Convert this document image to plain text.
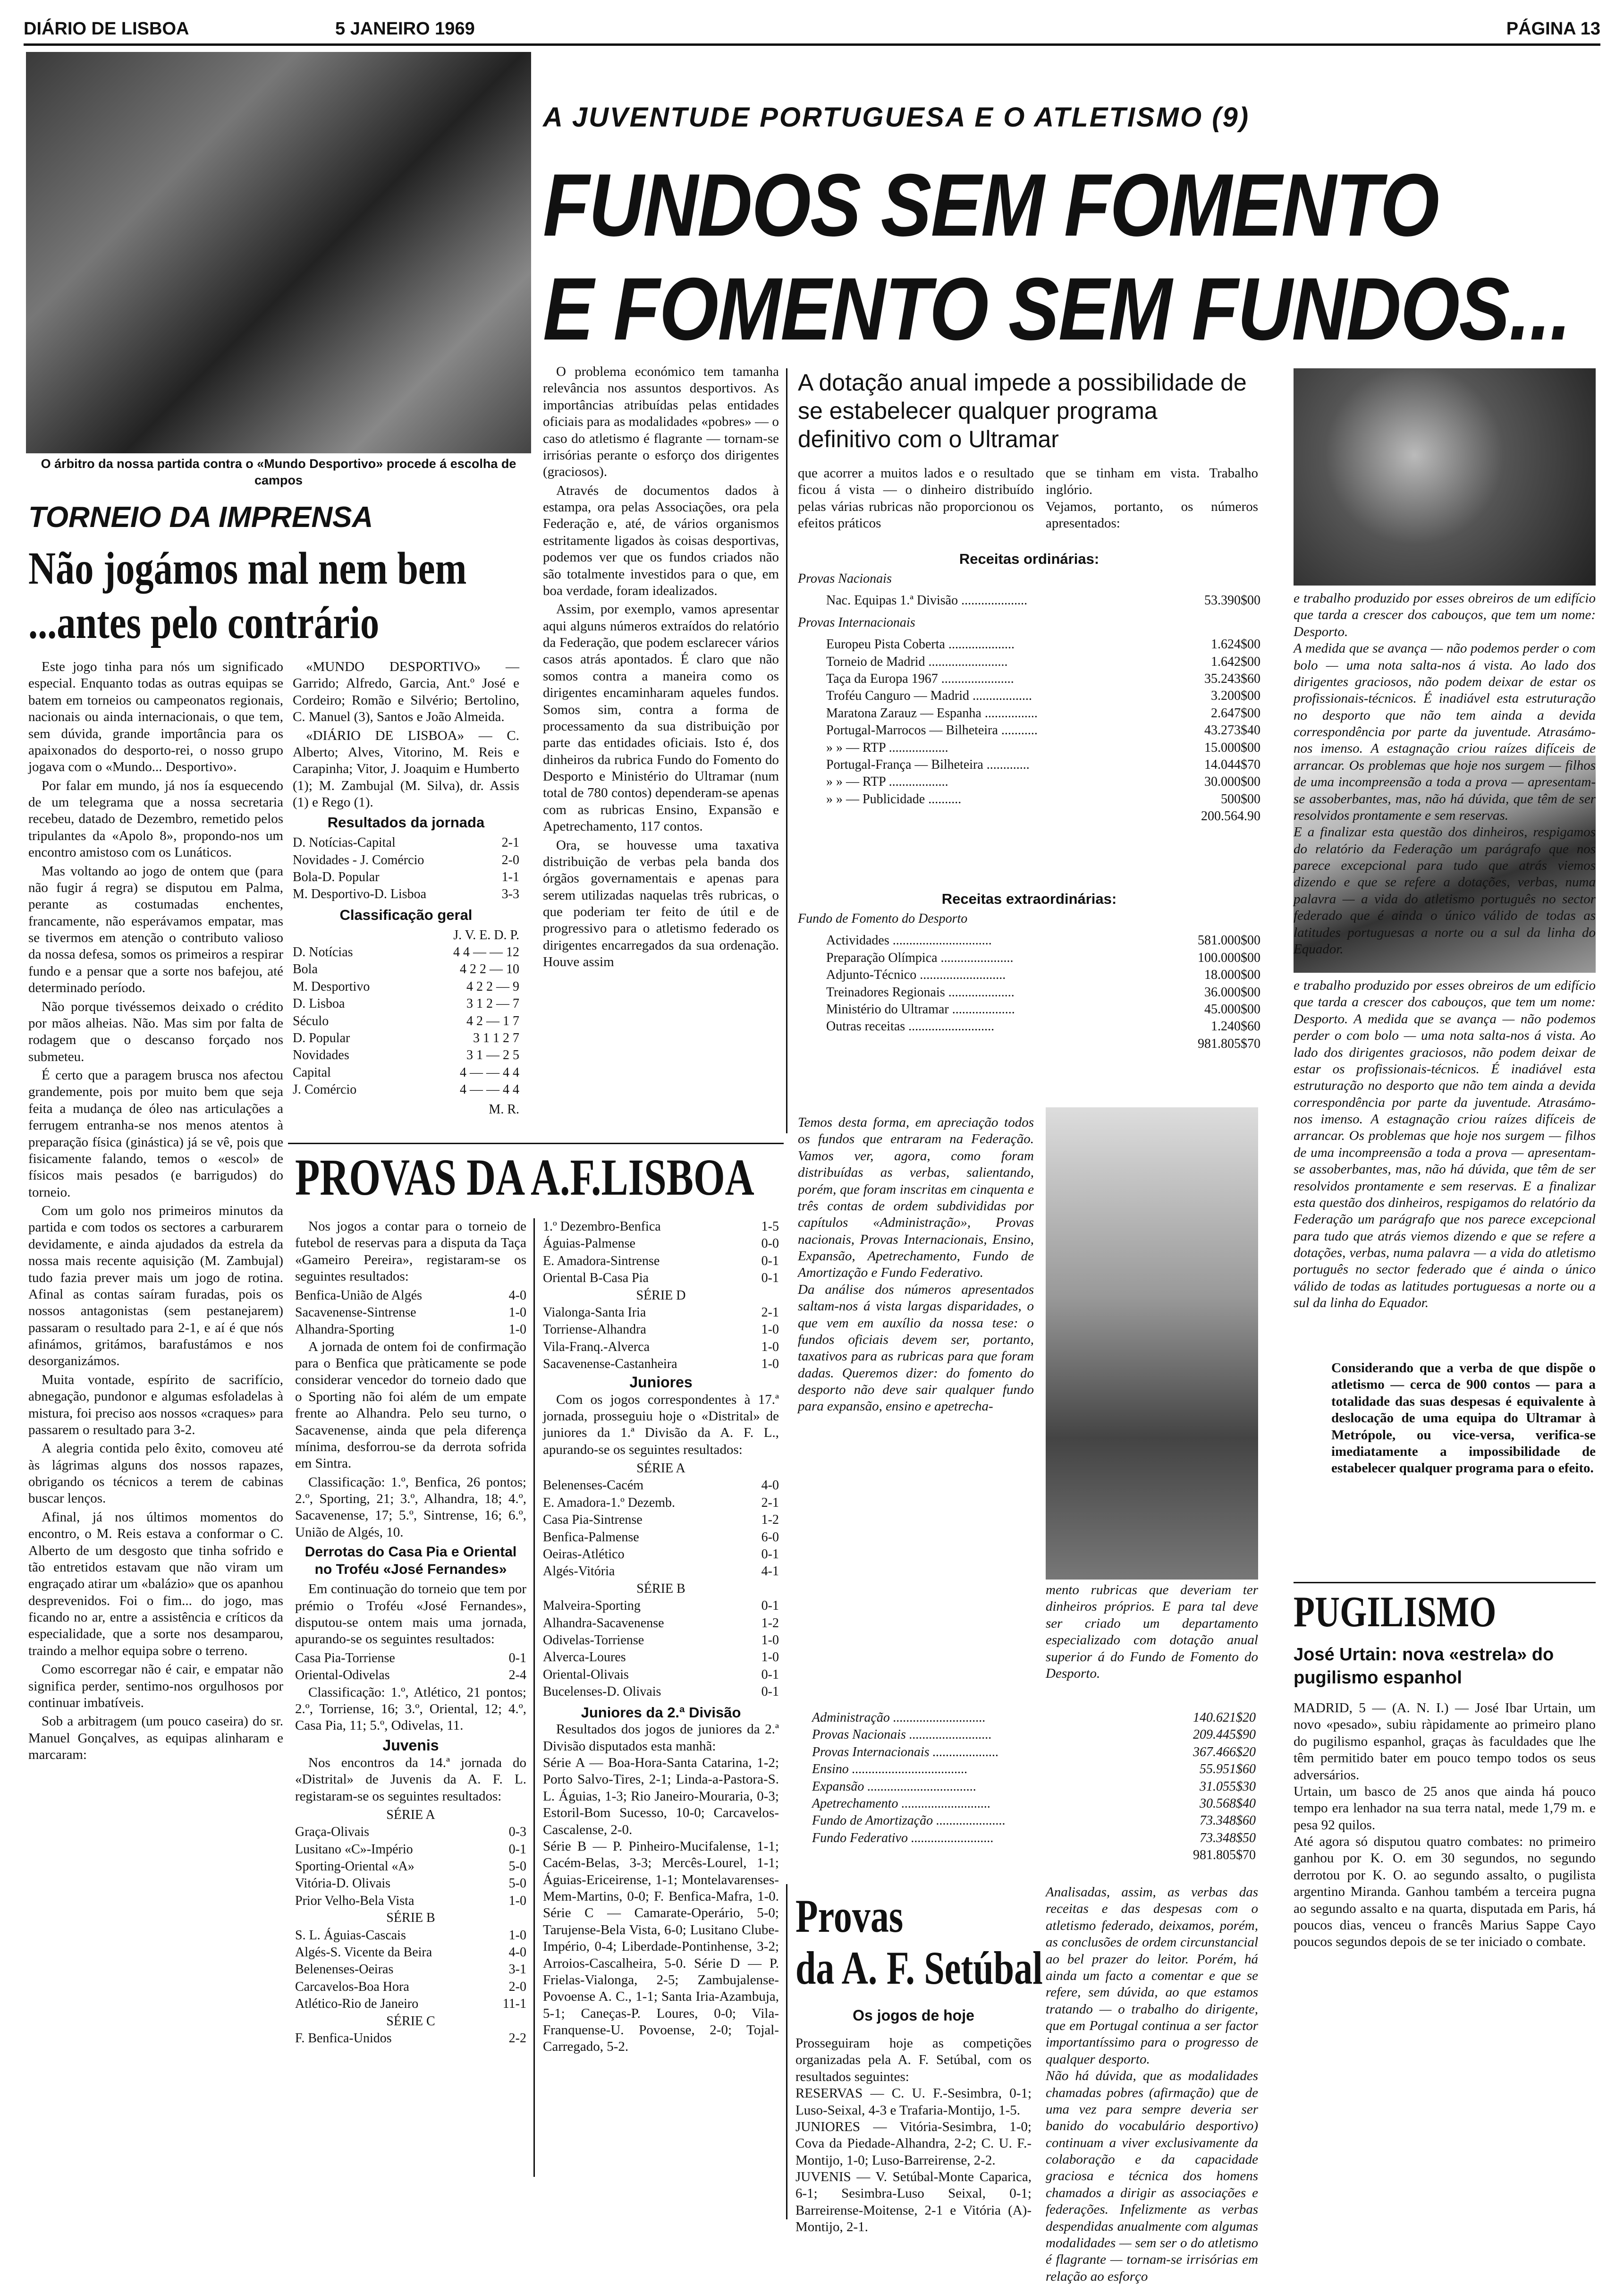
DIÁRIO DE LISBOA	5 JANEIRO 1969	PÁGINA 13
O árbitro da nossa partida contra o «Mundo Desportivo» procede á escolha de campos
A JUVENTUDE PORTUGUESA E O ATLETISMO (9)
FUNDOS SEM FOMENTO
E FOMENTO SEM FUNDOS...
TORNEIO DA IMPRENSA
Não jogámos mal nem bem
...antes pelo contrário

Este jogo tinha para nós um significado especial. Enquanto todas as outras equipas se batem em torneios ou campeonatos regionais, nacionais ou ainda internacionais, o que tem, sem dúvida, grande importância para os apaixonados do desporto-rei, o nosso grupo jogava com o «Mundo... Desportivo».

Por falar em mundo, já nos ía esquecendo de um telegrama que a nossa secretaria recebeu, datado de Dezembro, remetido pelos tripulantes da «Apolo 8», propondo-nos um encontro amistoso com os Lunáticos.

Mas voltando ao jogo de ontem que (para não fugir á regra) se disputou em Palma, perante as costumadas enchentes, francamente, não esperávamos empatar, mas se tivermos em atenção o contributo valioso da nossa defesa, somos os primeiros a respirar fundo e a pensar que a sorte nos bafejou, até determinado período.

Não porque tivéssemos deixado o crédito por mãos alheias. Não. Mas sim por falta de rodagem que o descanso forçado nos submeteu.

É certo que a paragem brusca nos afectou grandemente, pois por muito bem que seja feita a mudança de óleo nas articulações a ferrugem entranha-se nos menos atentos à preparação física (ginástica) já se vê, pois que fisicamente falando, temos o «escol» de físicos mais pesados (e barrigudos) do torneio.

Com um golo nos primeiros minutos da partida e com todos os sectores a carburarem devidamente, e ainda ajudados da estrela da nossa mais recente aquisição (M. Zambujal) tudo fazia prever mais um jogo de rotina. Afinal as contas saíram furadas, pois os nossos antagonistas (sem pestanejarem) passaram o resultado para 2-1, e aí é que nós afinámos, gritámos, barafustámos e nos desorganizámos.

Muita vontade, espírito de sacrifício, abnegação, pundonor e algumas esfoladelas à mistura, foi preciso aos nossos «craques» para passarem o resultado para 3-2.

A alegria contida pelo êxito, comoveu até às lágrimas alguns dos nossos rapazes, obrigando os técnicos a terem de cabinas buscar lenços.

Afinal, já nos últimos momentos do encontro, o M. Reis estava a conformar o C. Alberto de um desgosto que tinha sofrido e tão entretidos estavam que não viram um engraçado atirar um «balázio» que os apanhou desprevenidos. Foi o fim... do jogo, mas ficando no ar, entre a assistência e críticos da especialidade, que a sorte nos desamparou, traindo a melhor equipa sobre o terreno.

Como escorregar não é cair, e empatar não significa perder, sentimo-nos orgulhosos por continuar imbatíveis.

Sob a arbitragem (um pouco caseira) do sr. Manuel Gonçalves, as equipas alinharam e marcaram:

«MUNDO DESPORTIVO» — Garrido; Alfredo, Garcia, Ant.º José e Cordeiro; Romão e Silvério; Bertolino, C. Manuel (3), Santos e João Almeida.

«DIÁRIO DE LISBOA» — C. Alberto; Alves, Vitorino, M. Reis e Carapinha; Vitor, J. Joaquim e Humberto (1); M. Zambujal (M. Silva), dr. Assis (1) e Rego (1).

Resultados da jornada
D. Notícias-Capital	2-1
Novidades - J. Comércio	2-0
Bola-D. Popular	1-1
M. Desportivo-D. Lisboa	3-3
Classificação geral
J. V. E. D. P.
D. Notícias	4 4 — — 12
Bola	4 2 2 — 10
M. Desportivo	4 2 2 — 9
D. Lisboa	3 1 2 — 7
Século	4 2 — 1 7
D. Popular	3 1 1 2 7
Novidades	3 1 — 2 5
Capital	4 — — 4 4
J. Comércio	4 — — 4 4
M. R.
PROVAS DA A.F.LISBOA

Nos jogos a contar para o torneio de futebol de reservas para a disputa da Taça «Gameiro Pereira», registaram-se os seguintes resultados:

Benfica-União de Algés	4-0
Sacavenense-Sintrense	1-0
Alhandra-Sporting	1-0

A jornada de ontem foi de confirmação para o Benfica que pràticamente se pode considerar vencedor do torneio dado que o Sporting não foi além de um empate frente ao Alhandra. Pelo seu turno, o Sacavenense, ainda que pela diferença mínima, desforrou-se da derrota sofrida em Sintra.

Classificação: 1.º, Benfica, 26 pontos; 2.º, Sporting, 21; 3.º, Alhandra, 18; 4.º, Sacavenense, 17; 5.º, Sintrense, 16; 6.º, União de Algés, 10.

Derrotas do Casa Pia e Oriental no Troféu «José Fernandes»

Em continuação do torneio que tem por prémio o Troféu «José Fernandes», disputou-se ontem mais uma jornada, apurando-se os seguintes resultados:

Casa Pia-Torriense	0-1
Oriental-Odivelas	2-4

Classificação: 1.º, Atlético, 21 pontos; 2.º, Torriense, 16; 3.º, Oriental, 12; 4.º, Casa Pia, 11; 5.º, Odivelas, 11.

Juvenis

Nos encontros da 14.ª jornada do «Distrital» de Juvenis da A. F. L. registaram-se os seguintes resultados:

SÉRIE A
Graça-Olivais	0-3
Lusitano «C»-Império	0-1
Sporting-Oriental «A»	5-0
Vitória-D. Olivais	5-0
Prior Velho-Bela Vista	1-0
SÉRIE B
S. L. Águias-Cascais	1-0
Algés-S. Vicente da Beira	4-0
Belenenses-Oeiras	3-1
Carcavelos-Boa Hora	2-0
Atlético-Rio de Janeiro	11-1
SÉRIE C
F. Benfica-Unidos	2-2
1.º Dezembro-Benfica	1-5
Águias-Palmense	0-0
E. Amadora-Sintrense	0-1
Oriental B-Casa Pia	0-1
SÉRIE D
Vialonga-Santa Iria	2-1
Torriense-Alhandra	1-0
Vila-Franq.-Alverca	1-0
Sacavenense-Castanheira	1-0
Juniores

Com os jogos correspondentes à 17.ª jornada, prosseguiu hoje o «Distrital» de juniores da 1.ª Divisão da A. F. L., apurando-se os seguintes resultados:

SÉRIE A
Belenenses-Cacém	4-0
E. Amadora-1.º Dezemb.	2-1
Casa Pia-Sintrense	1-2
Benfica-Palmense	6-0
Oeiras-Atlético	0-1
Algés-Vitória	4-1
SÉRIE B
Malveira-Sporting	0-1
Alhandra-Sacavenense	1-2
Odivelas-Torriense	1-0
Alverca-Loures	1-0
Oriental-Olivais	0-1
Bucelenses-D. Olivais	0-1
Juniores da 2.ª Divisão

Resultados dos jogos de juniores da 2.ª Divisão disputados esta manhã:
Série A — Boa-Hora-Santa Catarina, 1-2; Porto Salvo-Tires, 2-1; Linda-a-Pastora-S. L. Águias, 1-3; Rio Janeiro-Mouraria, 0-3; Estoril-Bom Sucesso, 10-0; Carcavelos-Cascalense, 2-0.
Série B — P. Pinheiro-Mucifalense, 1-1; Cacém-Belas, 3-3; Mercês-Lourel, 1-1; Águias-Ericeirense, 1-1; Montelavarenses-Mem-Martins, 0-0; F. Benfica-Mafra, 1-0. Série C — Camarate-Operário, 5-0; Tarujense-Bela Vista, 6-0; Lusitano Clube-Império, 0-4; Liberdade-Pontinhense, 3-2; Arroios-Cascalheira, 5-0. Série D — P. Frielas-Vialonga, 2-5; Zambujalense-Povoense A. C., 1-1; Santa Iria-Azambuja, 5-1; Caneças-P. Loures, 0-0; Vila-Franquense-U. Povoense, 2-0; Tojal-Carregado, 5-2.

O problema económico tem tamanha relevância nos assuntos desportivos. As importâncias atribuídas pelas entidades oficiais para as modalidades «pobres» — o caso do atletismo é flagrante — tornam-se irrisórias perante o esforço dos dirigentes (graciosos).

Através de documentos dados à estampa, ora pelas Associações, ora pela Federação e, até, de vários organismos estritamente ligados às coisas desportivas, podemos ver que os fundos criados não são totalmente investidos para o que, em boa verdade, foram idealizados.

Assim, por exemplo, vamos apresentar aqui alguns números extraídos do relatório da Federação, que podem esclarecer vários casos atrás apontados. É claro que não somos contra a maneira como os dirigentes encaminharam aqueles fundos. Somos sim, contra a forma de processamento da sua distribuição por parte das entidades oficiais. Isto é, dos dinheiros da rubrica Fundo do Fomento do Desporto e Ministério do Ultramar (num total de 780 contos) dependeram-se apenas com as rubricas Ensino, Expansão e Apetrechamento, 117 contos.

Ora, se houvesse uma taxativa distribuição de verbas pela banda dos órgãos governamentais e apenas para serem utilizadas naquelas três rubricas, o que poderiam ter feito de útil e de progressivo para o atletismo federado os dirigentes encarregados da sua ordenação. Houve assim

A dotação anual impede a possibilidade de se estabelecer qualquer programa definitivo com o Ultramar
que acorrer a muitos lados e o resultado ficou á vista — o dinheiro distribuído pelas várias rubricas não proporcionou os efeitos práticos
que se tinham em vista. Trabalho inglório.
Vejamos, portanto, os números apresentados:
Receitas ordinárias:
Provas Nacionais
Nac. Equipas 1.ª Divisão ....................	53.390$00
Provas Internacionais
Europeu Pista Coberta ....................	1.624$00
Torneio de Madrid ........................	1.642$00
Taça da Europa 1967 ......................	35.243$60
Troféu Canguro — Madrid ..................	3.200$00
Maratona Zarauz — Espanha ................	2.647$00
Portugal-Marrocos — Bilheteira ...........	43.273$40
» » — RTP ..................	15.000$00
Portugal-França — Bilheteira .............	14.044$70
» » — RTP ..................	30.000$00
» » — Publicidade ..........	500$00
200.564.90
Receitas extraordinárias:
Fundo de Fomento do Desporto
Actividades ..............................	581.000$00
Preparação Olímpica ......................	100.000$00
Adjunto-Técnico ..........................	18.000$00
Treinadores Regionais ....................	36.000$00
Ministério do Ultramar ...................	45.000$00
Outras receitas ..........................	1.240$60
981.805$70
Temos desta forma, em apreciação todos os fundos que entraram na Federação. Vamos ver, agora, como foram distribuídas as verbas, salientando, porém, que foram inscritas em cinquenta e três contas de ordem subdivididas por capítulos «Administração», Provas nacionais, Provas Internacionais, Ensino, Expansão, Apetrechamento, Fundo de Amortização e Fundo Federativo.
Da análise dos números apresentados saltam-nos á vista largas disparidades, o que vem em auxílio da nossa tese: o fundos oficiais devem ser, portanto, taxativos para as rubricas para que foram dadas. Queremos dizer: do fomento do desporto não deve sair qualquer fundo para expansão, ensino e apetrecha-
mento rubricas que deveriam ter dinheiros próprios. E para tal deve ser criado um departamento especializado com dotação anual superior á do Fundo de Fomento do Desporto.
Administração ............................	140.621$20
Provas Nacionais .........................	209.445$90
Provas Internacionais ....................	367.466$20
Ensino ...................................	55.951$60
Expansão .................................	31.055$30
Apetrechamento ...........................	30.568$40
Fundo de Amortização .....................	73.348$60
Fundo Federativo .........................	73.348$50
981.805$70
Analisadas, assim, as verbas das receitas e das despesas com o atletismo federado, deixamos, porém, as conclusões de ordem circunstancial ao bel prazer do leitor. Porém, há ainda um facto a comentar e que se refere, sem dúvida, ao que estamos tratando — o trabalho do dirigente, que em Portugal continua a ser factor importantíssimo para o progresso de qualquer desporto.
Não há dúvida, que as modalidades chamadas pobres (afirmação) que de uma vez para sempre deveria ser banido do vocabulário desportivo) continuam a viver exclusivamente da colaboração e da capacidade graciosa e técnica dos homens chamados a dirigir as associações e federações. Infelizmente as verbas despendidas anualmente com algumas modalidades — sem ser o do atletismo é flagrante — tornam-se irrisórias em relação ao esforço
Provas
da A. F. Setúbal
Os jogos de hoje
Prosseguiram hoje as competições organizadas pela A. F. Setúbal, com os resultados seguintes:
RESERVAS — C. U. F.-Sesimbra, 0-1; Luso-Seixal, 4-3 e Trafaria-Montijo, 1-5.
JUNIORES — Vitória-Sesimbra, 1-0; Cova da Piedade-Alhandra, 2-2; C. U. F.-Montijo, 1-0; Luso-Barreirense, 2-2.
JUVENIS — V. Setúbal-Monte Caparica, 6-1; Sesimbra-Luso Seixal, 0-1; Barreirense-Moitense, 2-1 e Vitória (A)-Montijo, 2-1.
e trabalho produzido por esses obreiros de um edifício que tarda a crescer dos cabouços, que tem um nome: Desporto.
A medida que se avança — não podemos perder o com bolo — uma nota salta-nos á vista. Ao lado dos dirigentes graciosos, não podem deixar de estar os profissionais-técnicos. É inadiável esta estruturação no desporto que não tem ainda a devida correspondência por parte da juventude. Atrasámo-nos imenso. A estagnação criou raízes difíceis de arrancar. Os problemas que hoje nos surgem — filhos de uma incompreensão a toda a prova — apresentam-se assoberbantes, mas, não há dúvida, que têm de ser resolvidos prontamente e sem reservas.
E a finalizar esta questão dos dinheiros, respigamos do relatório da Federação um parágrafo que nos parece excepcional para tudo que atrás viemos dizendo e que se refere a dotações, verbas, numa palavra — a vida do atletismo português no sector federado que é ainda o único válido de todas as latitudes portuguesas a norte ou a sul da linha do Equador.
e trabalho produzido por esses obreiros de um edifício que tarda a crescer dos cabouços, que tem um nome: Desporto. A medida que se avança — não podemos perder o com bolo — uma nota salta-nos á vista. Ao lado dos dirigentes graciosos, não podem deixar de estar os profissionais-técnicos. É inadiável esta estruturação no desporto que não tem ainda a devida correspondência por parte da juventude. Atrasámo-nos imenso. A estagnação criou raízes difíceis de arrancar. Os problemas que hoje nos surgem — filhos de uma incompreensão a toda a prova — apresentam-se assoberbantes, mas, não há dúvida, que têm de ser resolvidos prontamente e sem reservas. E a finalizar esta questão dos dinheiros, respigamos do relatório da Federação um parágrafo que nos parece excepcional para tudo que atrás viemos dizendo e que se refere a dotações, verbas, numa palavra — a vida do atletismo português no sector federado que é ainda o único válido de todas as latitudes portuguesas a norte ou a sul da linha do Equador.
Considerando que a verba de que dispõe o atletismo — cerca de 900 contos — para a totalidade das suas despesas é equivalente à deslocação de uma equipa do Ultramar à Metrópole, ou vice-versa, verifica-se imediatamente a impossibilidade de estabelecer qualquer programa para o efeito.
PUGILISMO
José Urtain: nova «estrela» do pugilismo espanhol
MADRID, 5 — (A. N. I.) — José Ibar Urtain, um novo «pesado», subiu ràpidamente ao primeiro plano do pugilismo espanhol, graças às faculdades que lhe têm permitido bater em pouco tempo todos os seus adversários.
Urtain, um basco de 25 anos que ainda há pouco tempo era lenhador na sua terra natal, mede 1,79 m. e pesa 92 quilos.
Até agora só disputou quatro combates: no primeiro ganhou por K. O. em 30 segundos, no segundo derrotou por K. O. ao segundo assalto, o pugilista argentino Miranda. Ganhou também a terceira pugna ao segundo assalto e na quarta, disputada em Paris, há poucos dias, venceu o francês Marius Sappe Cayo poucos segundos depois de se ter iniciado o combate.
